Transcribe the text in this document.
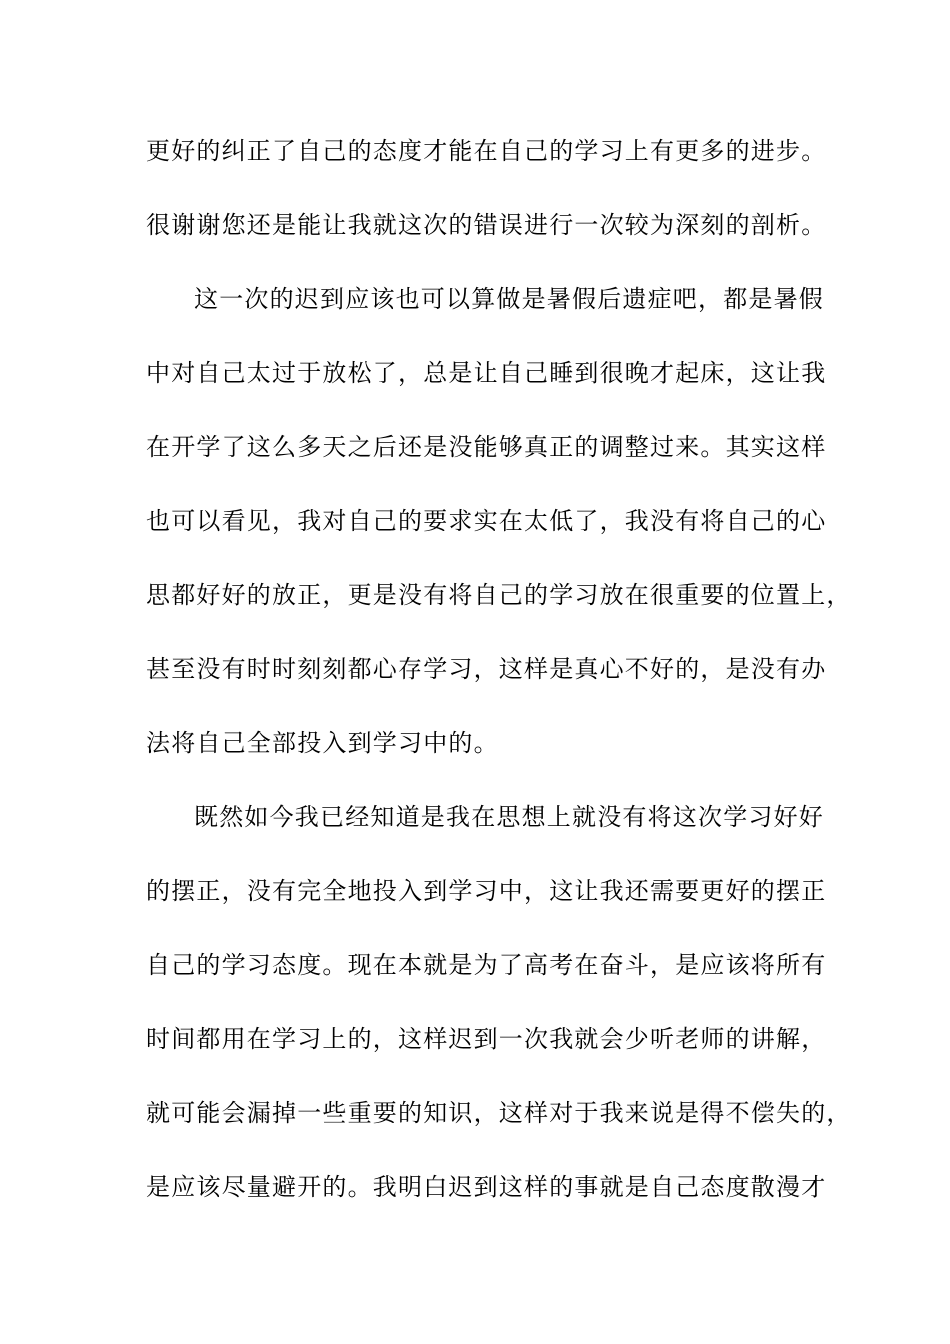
更好的纠正了自己的态度才能在自己的学习上有更多的进步。
很谢谢您还是能让我就这次的错误进行一次较为深刻的剖析。
这一次的迟到应该也可以算做是暑假后遗症吧，都是暑假
中对自己太过于放松了，总是让自己睡到很晚才起床，这让我
在开学了这么多天之后还是没能够真正的调整过来。其实这样
也可以看见，我对自己的要求实在太低了，我没有将自己的心
思都好好的放正，更是没有将自己的学习放在很重要的位置上，
甚至没有时时刻刻都心存学习，这样是真心不好的，是没有办
法将自己全部投入到学习中的。
既然如今我已经知道是我在思想上就没有将这次学习好好
的摆正，没有完全地投入到学习中，这让我还需要更好的摆正
自己的学习态度。现在本就是为了高考在奋斗，是应该将所有
时间都用在学习上的，这样迟到一次我就会少听老师的讲解，
就可能会漏掉一些重要的知识，这样对于我来说是得不偿失的，
是应该尽量避开的。我明白迟到这样的事就是自己态度散漫才
